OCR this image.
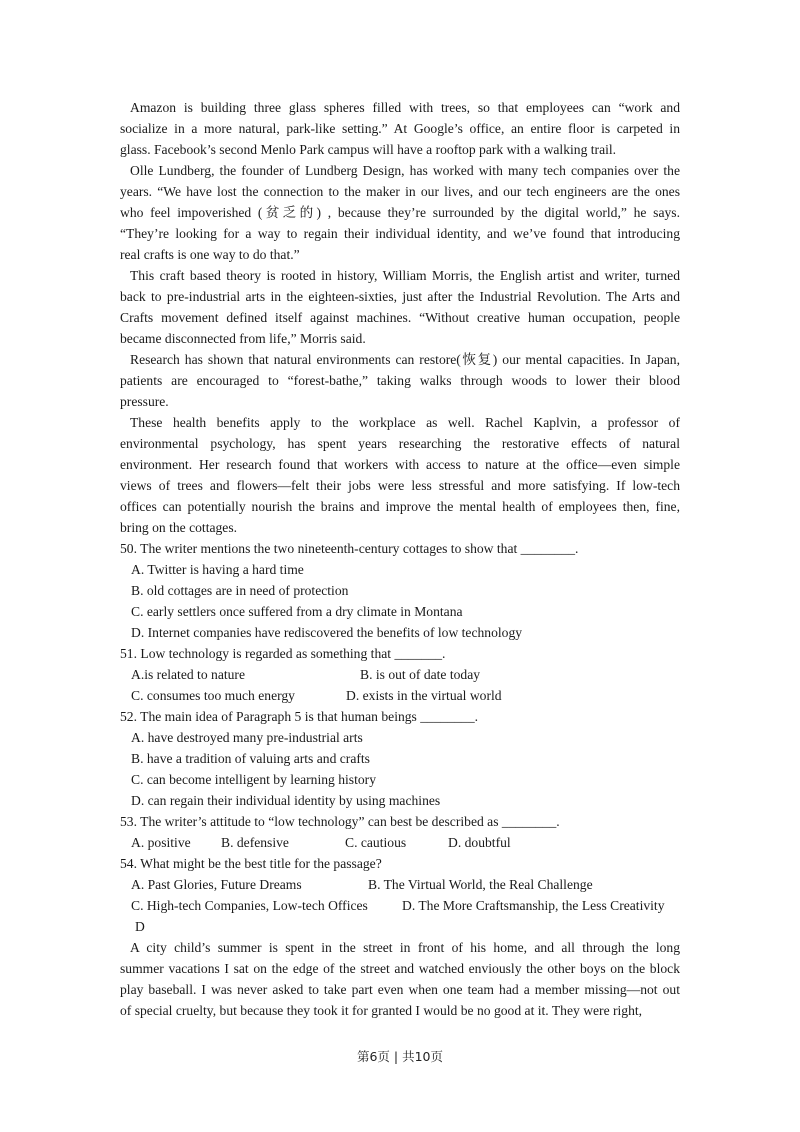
Amazon is building three glass spheres filled with trees, so that employees can “work and
socialize in a more natural, park-like setting.” At Google’s office, an entire floor is carpeted in
glass. Facebook’s second Menlo Park campus will have a rooftop park with a walking trail.
Olle Lundberg, the founder of Lundberg Design, has worked with many tech companies over the
years. “We have lost the connection to the maker in our lives, and our tech engineers are the ones
who feel impoverished (贫乏的) , because they’re surrounded by the digital world,” he says.
“They’re looking for a way to regain their individual identity, and we’ve found that introducing
real crafts is one way to do that.”
This craft based theory is rooted in history, William Morris, the English artist and writer, turned
back to pre-industrial arts in the eighteen-sixties, just after the Industrial Revolution. The Arts and
Crafts movement defined itself against machines. “Without creative human occupation, people
became disconnected from life,” Morris said.
Research has shown that natural environments can restore(恢复) our mental capacities. In Japan,
patients are encouraged to “forest-bathe,” taking walks through woods to lower their blood
pressure.
These health benefits apply to the workplace as well. Rachel Kaplvin, a professor of
environmental psychology, has spent years researching the restorative effects of natural
environment. Her research found that workers with access to nature at the office—even simple
views of trees and flowers—felt their jobs were less stressful and more satisfying. If low-tech
offices can potentially nourish the brains and improve the mental health of employees then, fine,
bring on the cottages.
50. The writer mentions the two nineteenth-century cottages to show that ________.
A. Twitter is having a hard time
B. old cottages are in need of protection
C. early settlers once suffered from a dry climate in Montana
D. Internet companies have rediscovered the benefits of low technology
51. Low technology is regarded as something that _______.
A.is related to nature	B. is out of date today
C. consumes too much energy	D. exists in the virtual world
52. The main idea of Paragraph 5 is that human beings ________.
A. have destroyed many pre-industrial arts
B. have a tradition of valuing arts and crafts
C. can become intelligent by learning history
D. can regain their individual identity by using machines
53. The writer’s attitude to “low technology” can best be described as ________.
A. positive B. defensive	C. cautious	D. doubtful
54. What might be the best title for the passage?
A. Past Glories, Future Dreams	B. The Virtual World, the Real Challenge
C. High-tech Companies, Low-tech Offices	D. The More Craftsmanship, the Less Creativity
D
A city child’s summer is spent in the street in front of his home, and all through the long
summer vacations I sat on the edge of the street and watched enviously the other boys on the block
play baseball. I was never asked to take part even when one team had a member missing—not out
of special cruelty, but because they took it for granted I would be no good at it. They were right,
第6页 | 共10页
